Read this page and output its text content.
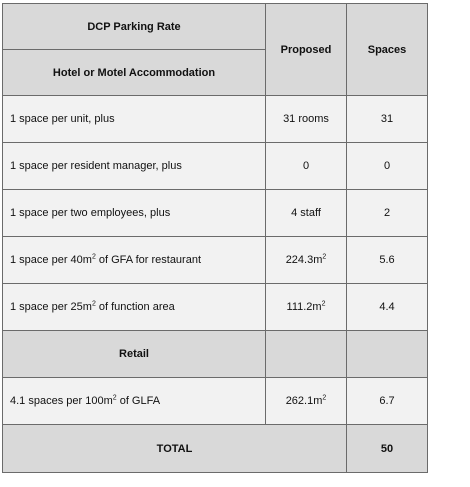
DCP Parking Rate	Proposed	Spaces
Hotel or Motel Accommodation		
1 space per unit, plus	31 rooms	31
1 space per resident manager, plus	0	0
1 space per two employees, plus	4 staff	2
1 space per $40m^2$ of GFA for restaurant	$224.3m^2$	5.6
1 space per $25m^2$ of function area	$111.2m^2$	4.4
Retail		
4.1 spaces per $100m^2$ of GLFA	$262.1m^2$	6.7
TOTAL		50
